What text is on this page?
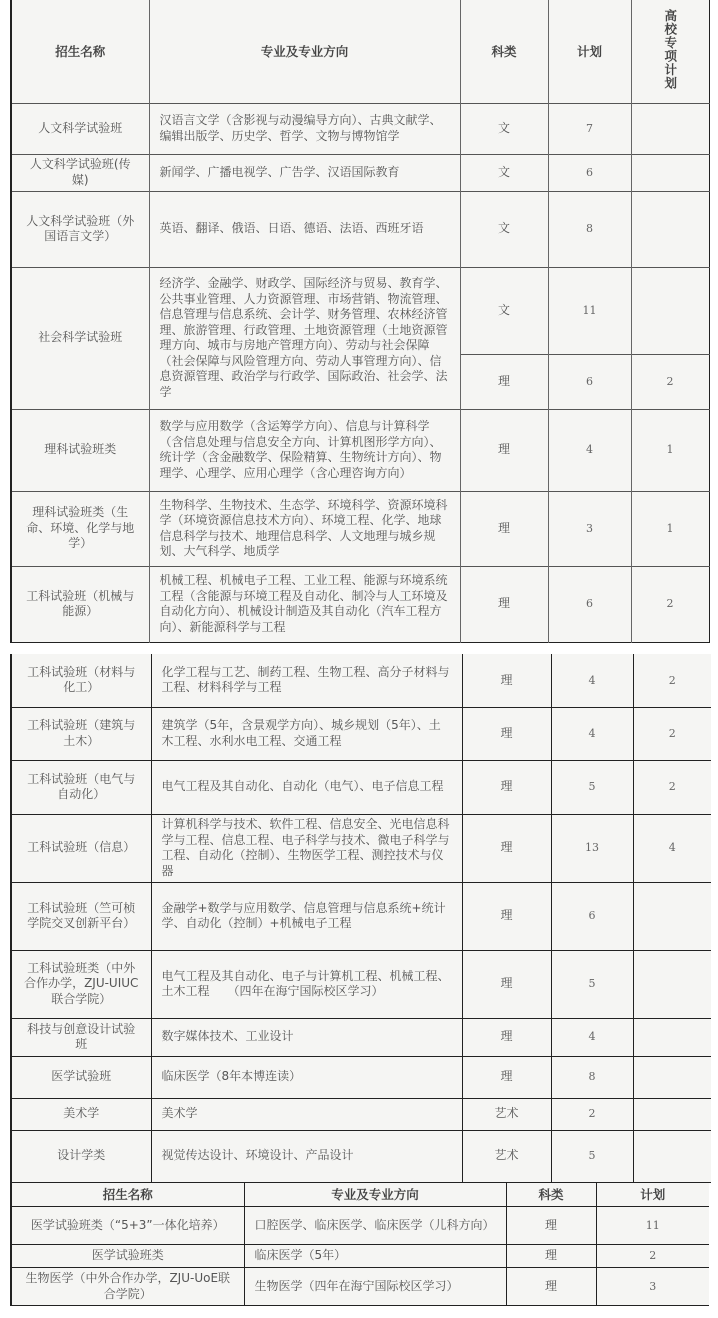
招生名称	专业及专业方向	科类	计划	高校专项计划
人文科学试验班	汉语言文学（含影视与动漫编导方向）、古典文献学、编辑出版学、历史学、哲学、文物与博物馆学	文	7	
人文科学试验班(传媒)	新闻学、广播电视学、广告学、汉语国际教育	文	6	
人文科学试验班（外国语言文学）	英语、翻译、俄语、日语、德语、法语、西班牙语	文	8	
社会科学试验班	经济学、金融学、财政学、国际经济与贸易、教育学、公共事业管理、人力资源管理、市场营销、物流管理、信息管理与信息系统、会计学、财务管理、农林经济管理、旅游管理、行政管理、土地资源管理（土地资源管理方向、城市与房地产管理方向）、劳动与社会保障（社会保障与风险管理方向、劳动人事管理方向）、信息资源管理、政治学与行政学、国际政治、社会学、法学	文	11	
		理	6	2
理科试验班类	数学与应用数学（含运筹学方向）、信息与计算科学（含信息处理与信息安全方向、计算机图形学方向）、统计学（含金融数学、保险精算、生物统计方向）、物理学、心理学、应用心理学（含心理咨询方向）	理	4	1
理科试验班类（生命、环境、化学与地学）	生物科学、生物技术、生态学、环境科学、资源环境科学（环境资源信息技术方向）、环境工程、化学、地球信息科学与技术、地理信息科学、人文地理与城乡规划、大气科学、地质学	理	3	1
工科试验班（机械与能源）	机械工程、机械电子工程、工业工程、能源与环境系统工程（含能源与环境工程及自动化、制冷与人工环境及自动化方向）、机械设计制造及其自动化（汽车工程方向）、新能源科学与工程	理	6	2
工科试验班（材料与化工）	化学工程与工艺、制药工程、生物工程、高分子材料与工程、材料科学与工程	理	4	2
工科试验班（建筑与土木）	建筑学（5年，含景观学方向）、城乡规划（5年）、土木工程、水利水电工程、交通工程	理	4	2
工科试验班（电气与自动化）	电气工程及其自动化、自动化（电气）、电子信息工程	理	5	2
工科试验班（信息）	计算机科学与技术、软件工程、信息安全、光电信息科学与工程、信息工程、电子科学与技术、微电子科学与工程、自动化（控制）、生物医学工程、测控技术与仪器	理	13	4
工科试验班（竺可桢学院交叉创新平台）	金融学+数学与应用数学、信息管理与信息系统+统计学、自动化（控制）+机械电子工程	理	6	
工科试验班类（中外合作办学，ZJU-UIUC联合学院）	电气工程及其自动化、电子与计算机工程、机械工程、土木工程　　（四年在海宁国际校区学习）	理	5	
科技与创意设计试验班	数字媒体技术、工业设计	理	4	
医学试验班	临床医学（8年本博连读）	理	8	
美术学	美术学	艺术	2	
设计学类	视觉传达设计、环境设计、产品设计	艺术	5	
招生名称	专业及专业方向	科类	计划
医学试验班类（“5+3”一体化培养）	口腔医学、临床医学、临床医学（儿科方向）	理	11
医学试验班类	临床医学（5年）	理	2
生物医学（中外合作办学，ZJU-UoE联合学院）	生物医学（四年在海宁国际校区学习）	理	3
